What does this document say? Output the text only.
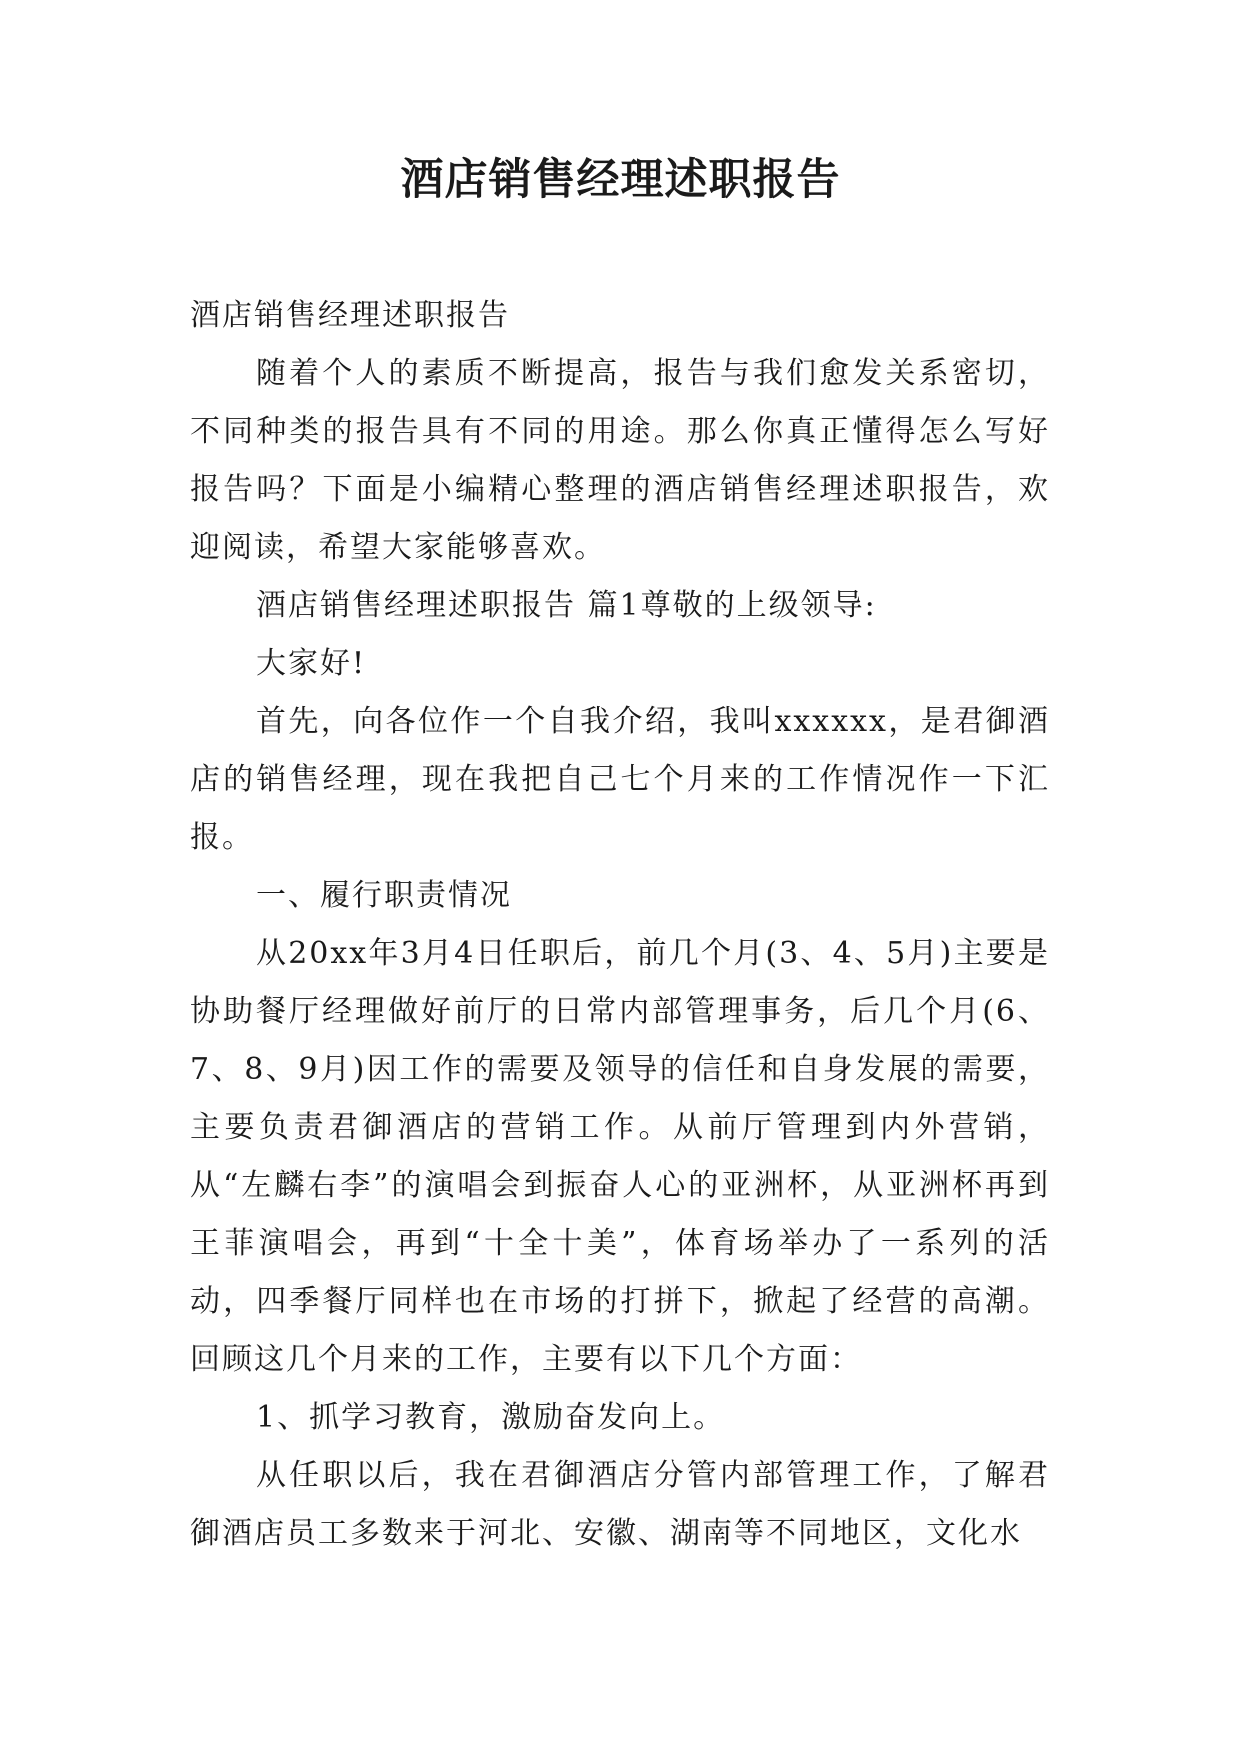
酒店销售经理述职报告

酒店销售经理述职报告

随着个人的素质不断提高，报告与我们愈发关系密切，不同种类的报告具有不同的用途。那么你真正懂得怎么写好报告吗？下面是小编精心整理的酒店销售经理述职报告，欢迎阅读，希望大家能够喜欢。

酒店销售经理述职报告 篇1尊敬的上级领导:

大家好!

首先，向各位作一个自我介绍，我叫xxxxxx，是君御酒店的销售经理，现在我把自己七个月来的工作情况作一下汇报。

一、履行职责情况

从20xx年3月4日任职后，前几个月(3、4、5月)主要是协助餐厅经理做好前厅的日常内部管理事务，后几个月(6、7、8、9月)因工作的需要及领导的信任和自身发展的需要，主要负责君御酒店的营销工作。从前厅管理到内外营销，从“左麟右李”的演唱会到振奋人心的亚洲杯，从亚洲杯再到王菲演唱会，再到“十全十美”，体育场举办了一系列的活动，四季餐厅同样也在市场的打拼下，掀起了经营的高潮。回顾这几个月来的工作，主要有以下几个方面：

1、抓学习教育，激励奋发向上。

从任职以后，我在君御酒店分管内部管理工作，了解君御酒店员工多数来于河北、安徽、湖南等不同地区，文化水
